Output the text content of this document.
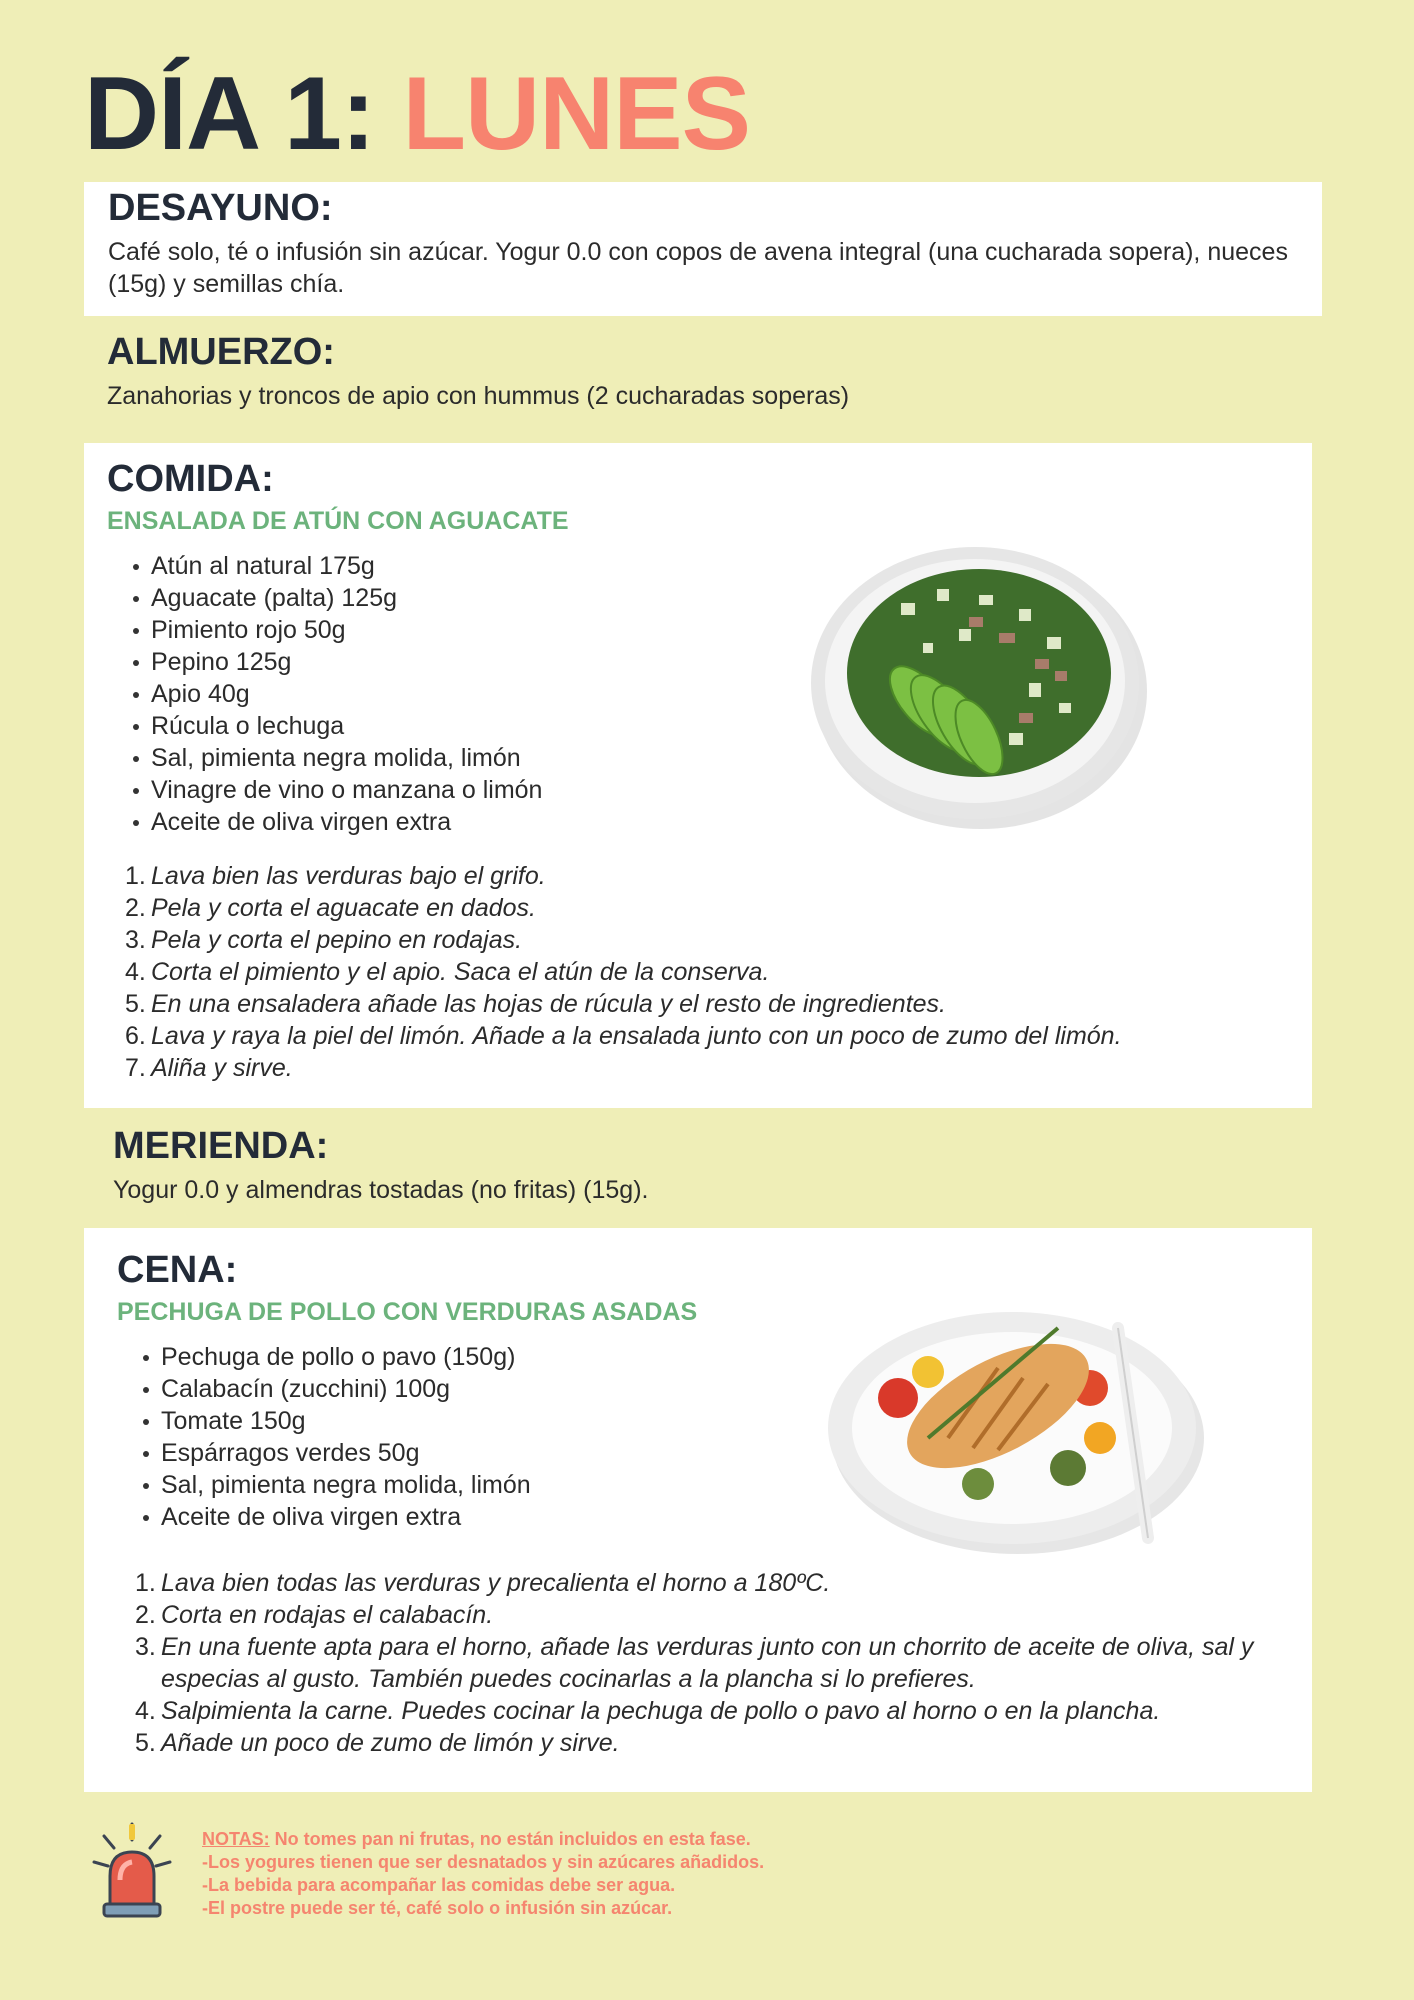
DÍA 1: LUNES
DESAYUNO:

Café solo, té o infusión sin azúcar. Yogur 0.0 con copos de avena integral (una cucharada sopera), nueces (15g) y semillas chía.

ALMUERZO:

Zanahorias y troncos de apio con hummus (2 cucharadas soperas)

COMIDA:
ENSALADA DE ATÚN CON AGUACATE
Atún al natural 175g
Aguacate (palta) 125g
Pimiento rojo 50g
Pepino 125g
Apio 40g
Rúcula o lechuga
Sal, pimienta negra molida, limón
Vinagre de vino o manzana o limón
Aceite de oliva virgen extra
1. Lava bien las verduras bajo el grifo.
2. Pela y corta el aguacate en dados.
3. Pela y corta el pepino en rodajas.
4. Corta el pimiento y el apio. Saca el atún de la conserva.
5. En una ensaladera añade las hojas de rúcula y el resto de ingredientes.
6. Lava y raya la piel del limón. Añade a la ensalada junto con un poco de zumo del limón.
7. Aliña y sirve.
MERIENDA:

Yogur 0.0 y almendras tostadas (no fritas) (15g).

CENA:
PECHUGA DE POLLO CON VERDURAS ASADAS
Pechuga de pollo o pavo (150g)
Calabacín (zucchini) 100g
Tomate 150g
Espárragos verdes 50g
Sal, pimienta negra molida, limón
Aceite de oliva virgen extra
1. Lava bien todas las verduras y precalienta el horno a 180ºC.
2. Corta en rodajas el calabacín.
3. En una fuente apta para el horno, añade las verduras junto con un chorrito de aceite de oliva, sal y especias al gusto. También puedes cocinarlas a la plancha si lo prefieres.
4. Salpimienta la carne. Puedes cocinar la pechuga de pollo o pavo al horno o en la plancha.
5. Añade un poco de zumo de limón y sirve.
NOTAS: No tomes pan ni frutas, no están incluidos en esta fase.
-Los yogures tienen que ser desnatados y sin azúcares añadidos.
-La bebida para acompañar las comidas debe ser agua.
-El postre puede ser té, café solo o infusión sin azúcar.
